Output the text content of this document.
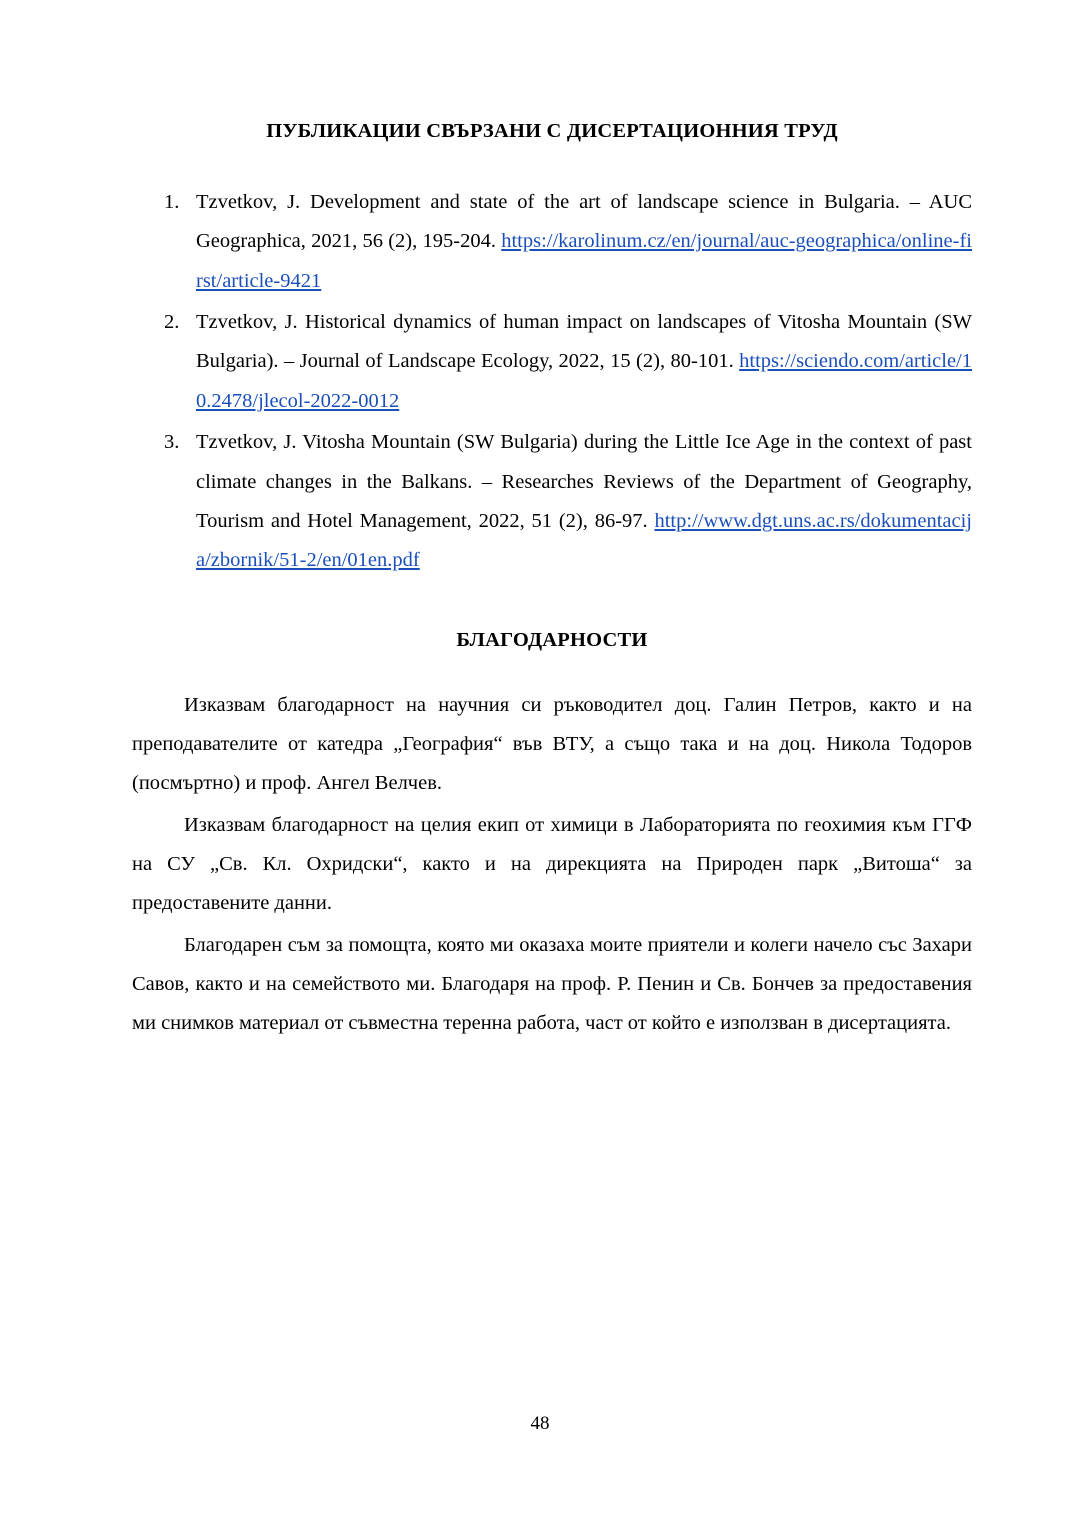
ПУБЛИКАЦИИ СВЪРЗАНИ С ДИСЕРТАЦИОННИЯ ТРУД
1. Tzvetkov, J. Development and state of the art of landscape science in Bulgaria. – AUC Geographica, 2021, 56 (2), 195-204. https://karolinum.cz/en/journal/auc-geographica/online-first/article-9421
2. Tzvetkov, J. Historical dynamics of human impact on landscapes of Vitosha Mountain (SW Bulgaria). – Journal of Landscape Ecology, 2022, 15 (2), 80-101. https://sciendo.com/article/10.2478/jlecol-2022-0012
3. Tzvetkov, J. Vitosha Mountain (SW Bulgaria) during the Little Ice Age in the context of past climate changes in the Balkans. – Researches Reviews of the Department of Geography, Tourism and Hotel Management, 2022, 51 (2), 86-97. http://www.dgt.uns.ac.rs/dokumentacija/zbornik/51-2/en/01en.pdf
БЛАГОДАРНОСТИ

Изказвам благодарност на научния си ръководител доц. Галин Петров, както и на преподавателите от катедра „География“ във ВТУ, а също така и на доц. Никола Тодоров (посмъртно) и проф. Ангел Велчев.

Изказвам благодарност на целия екип от химици в Лабораторията по геохимия към ГГФ на СУ „Св. Кл. Охридски“, както и на дирекцията на Природен парк „Витоша“ за предоставените данни.

Благодарен съм за помощта, която ми оказаха моите приятели и колеги начело със Захари Савов, както и на семейството ми. Благодаря на проф. Р. Пенин и Св. Бончев за предоставения ми снимков материал от съвместна теренна работа, част от който е използван в дисертацията.

48
